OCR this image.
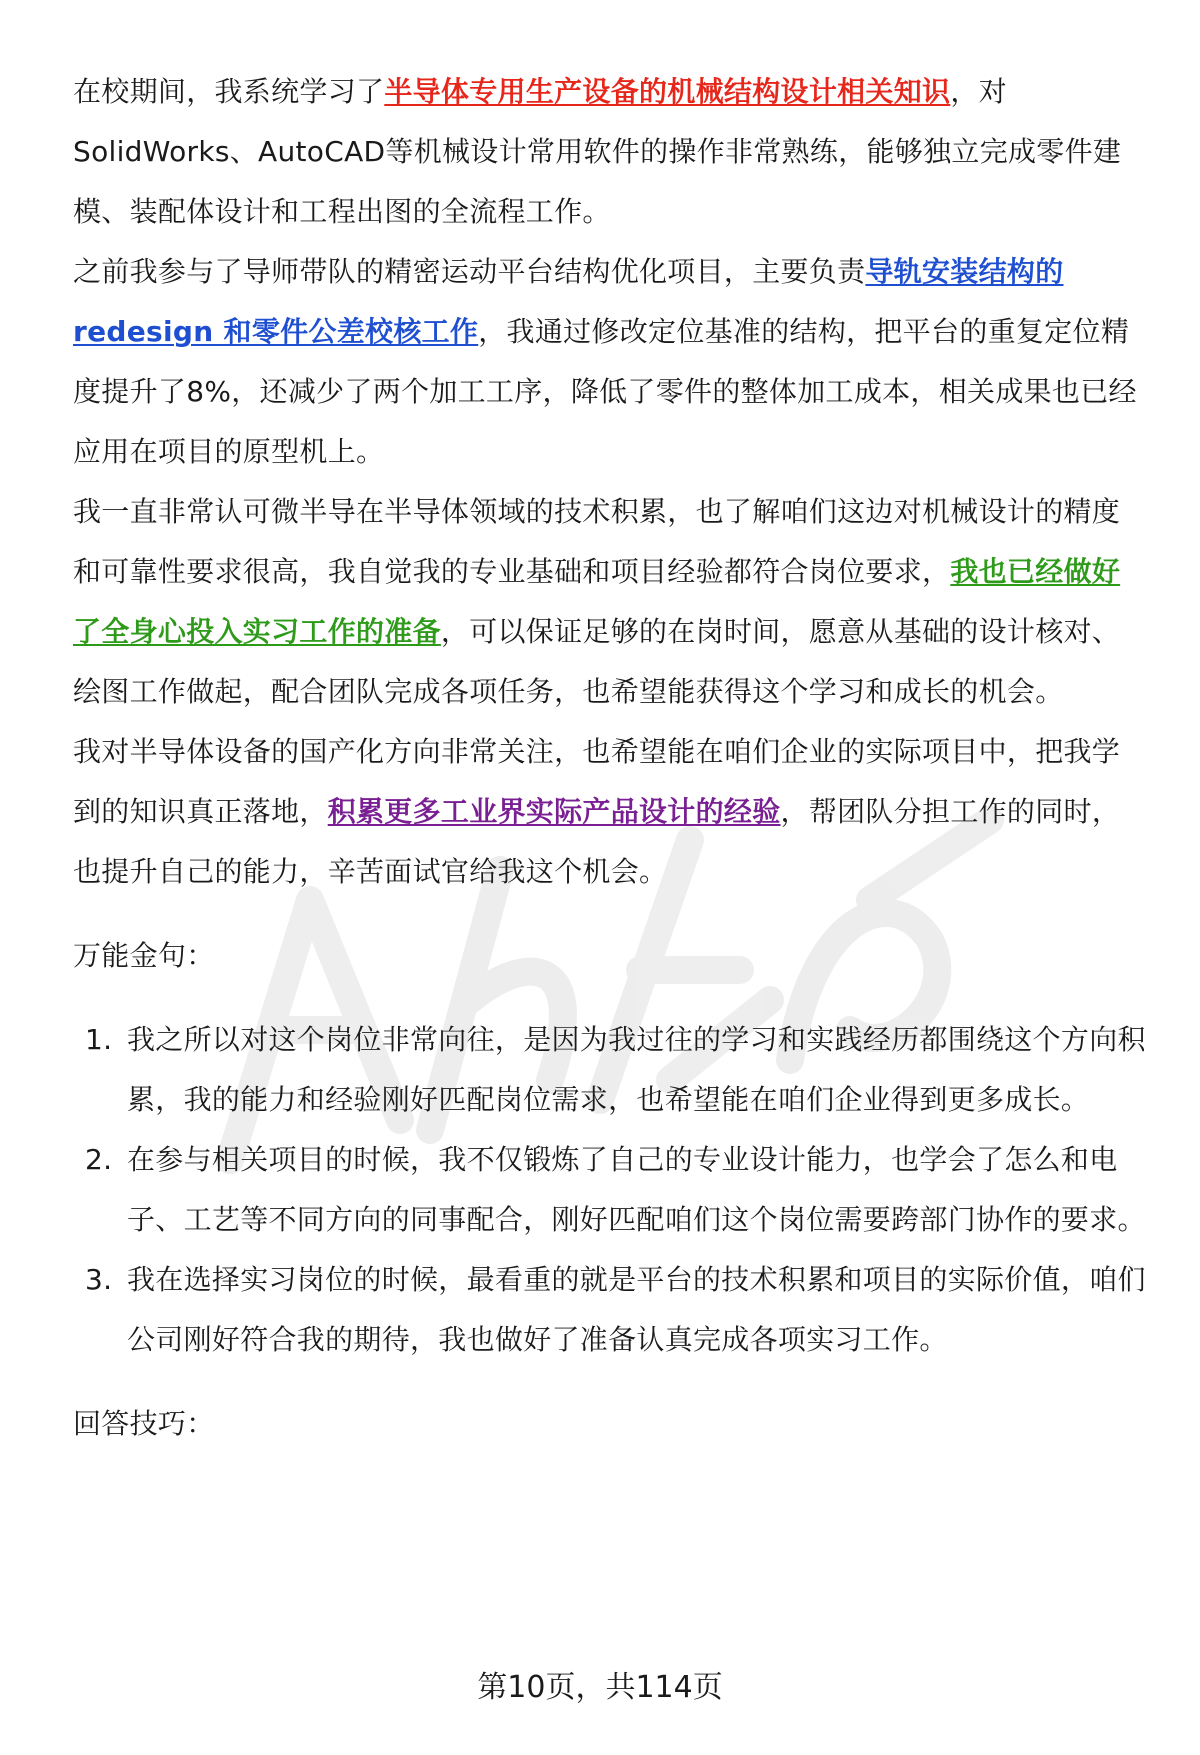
在校期间，我系统学习了半导体专用生产设备的机械结构设计相关知识，对SolidWorks、AutoCAD等机械设计常用软件的操作非常熟练，能够独立完成零件建模、装配体设计和工程出图的全流程工作。

之前我参与了导师带队的精密运动平台结构优化项目，主要负责导轨安装结构的redesign 和零件公差校核工作，我通过修改定位基准的结构，把平台的重复定位精度提升了8%，还减少了两个加工工序，降低了零件的整体加工成本，相关成果也已经应用在项目的原型机上。

我一直非常认可微半导在半导体领域的技术积累，也了解咱们这边对机械设计的精度和可靠性要求很高，我自觉我的专业基础和项目经验都符合岗位要求，我也已经做好了全身心投入实习工作的准备，可以保证足够的在岗时间，愿意从基础的设计核对、绘图工作做起，配合团队完成各项任务，也希望能获得这个学习和成长的机会。

我对半导体设备的国产化方向非常关注，也希望能在咱们企业的实际项目中，把我学到的知识真正落地，积累更多工业界实际产品设计的经验，帮团队分担工作的同时，也提升自己的能力，辛苦面试官给我这个机会。

万能金句：

1. 我之所以对这个岗位非常向往，是因为我过往的学习和实践经历都围绕这个方向积累，我的能力和经验刚好匹配岗位需求，也希望能在咱们企业得到更多成长。
2. 在参与相关项目的时候，我不仅锻炼了自己的专业设计能力，也学会了怎么和电子、工艺等不同方向的同事配合，刚好匹配咱们这个岗位需要跨部门协作的要求。
3. 我在选择实习岗位的时候，最看重的就是平台的技术积累和项目的实际价值，咱们公司刚好符合我的期待，我也做好了准备认真完成各项实习工作。

回答技巧：

第10页，共114页
